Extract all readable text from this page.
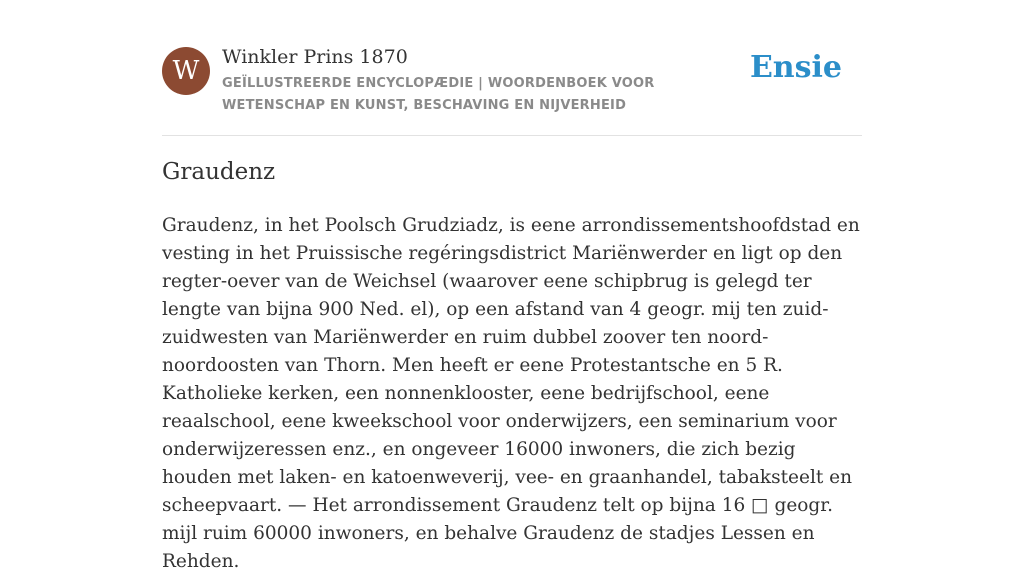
W	Winkler Prins 1870
GEÏLLUSTREERDE ENCYCLOPÆDIE | WOORDENBOEK VOOR WETENSCHAP EN KUNST, BESCHAVING EN NIJVERHEID
Ensie
Graudenz

Graudenz, in het Poolsch Grudziadz, is eene arrondissementshoofdstad en vesting in het Pruissische regéringsdistrict Mariënwerder en ligt op den regter-oever van de Weichsel (waarover eene schipbrug is gelegd ter lengte van bijna 900 Ned. el), op een afstand van 4 geogr. mij ten zuid-zuidwesten van Mariënwerder en ruim dubbel zoover ten noord-noordoosten van Thorn. Men heeft er eene Protestantsche en 5 R. Katholieke kerken, een nonnenklooster, eene bedrijfschool, eene reaalschool, eene kweekschool voor onderwijzers, een seminarium voor onderwijzeressen enz., en ongeveer 16000 inwoners, die zich bezig houden met laken- en katoenweverij, vee- en graanhandel, tabaksteelt en scheepvaart. — Het arrondissement Graudenz telt op bijna 16 □ geogr. mijl ruim 60000 inwoners, en behalve Graudenz de stadjes Lessen en Rehden.
